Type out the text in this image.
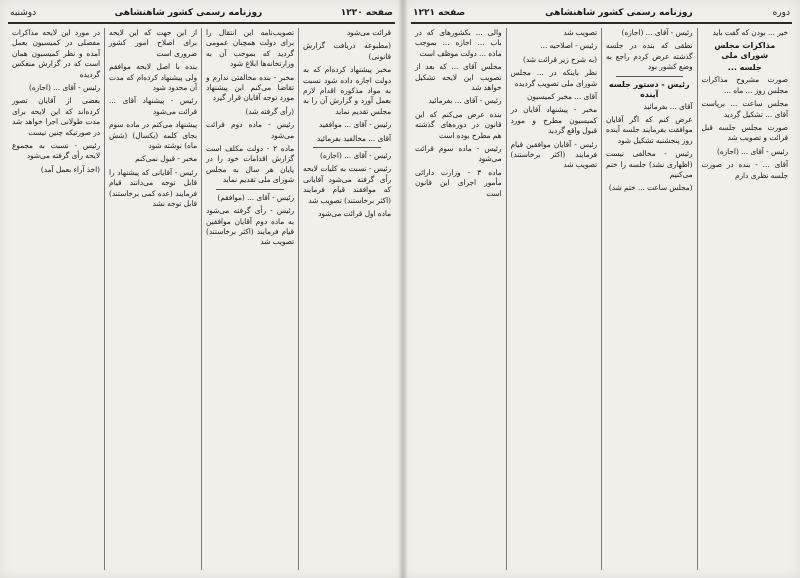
صفحه ۱۲۲۰
روزنامه رسمی کشور شاهنشاهی
دوشنبه

قرائت می‌شود

(مطبوعه دریافت گزارش قانونی)

مخبر پیشنهاد کرده‌ام که به دولت اجازه داده شود نسبت به مواد مذکوره اقدام لازم بعمل آورد و گزارش آن را به مجلس تقدیم نماید

رئیس - آقای ... موافقید

آقای ... مخالفید بفرمائید

رئیس - آقای ... (اجازه)

رئیس - نسبت به کلیات لایحه رأی گرفته می‌شود آقایانی که موافقند قیام فرمایند (اکثر برخاستند) تصویب شد

ماده اول قرائت می‌شود

تصویب‌نامه این انتقال را برای دولت همچنان عمومی گردید که بموجب آن به وزارتخانه‌ها ابلاغ شود

مخبر - بنده مخالفتی ندارم و تقاضا می‌کنم این پیشنهاد مورد توجه آقایان قرار گیرد

(رأی گرفته شد)

رئیس - ماده دوم قرائت می‌شود

ماده ۲ - دولت مکلف است گزارش اقدامات خود را در پایان هر سال به مجلس شورای ملی تقدیم نماید

رئیس - آقای ... (موافقم)

رئیس - رأی گرفته می‌شود به ماده دوم آقایان موافقین قیام فرمایند (اکثر برخاستند) تصویب شد

از این جهت که این لایحه برای اصلاح امور کشور ضروری است

بنده با اصل لایحه موافقم ولی پیشنهاد کرده‌ام که مدت آن محدود شود

رئیس - پیشنهاد آقای ... قرائت می‌شود

پیشنهاد می‌کنم در ماده سوم بجای کلمه (یکسال) (شش ماه) نوشته شود

مخبر - قبول نمی‌کنم

رئیس - آقایانی که پیشنهاد را قابل توجه می‌دانند قیام فرمایند (عده کمی برخاستند) قابل توجه نشد

در مورد این لایحه مذاکرات مفصلی در کمیسیون بعمل آمده و نظر کمیسیون همان است که در گزارش منعکس گردیده

رئیس - آقای ... (اجازه)

بعضی از آقایان تصور کرده‌اند که این لایحه برای مدت طولانی اجرا خواهد شد در صورتیکه چنین نیست

رئیس - نسبت به مجموع لایحه رأی گرفته می‌شود

(اخذ آراء بعمل آمد)

دوره
روزنامه رسمی کشور شاهنشاهی
صفحه ۱۲۲۱

خیر ... بودن که گفت باید

مذاکرات مجلس شورای ملی
جلسه ...

صورت مشروح مذاکرات مجلس روز ... ماه ...

مجلس ساعت ... برپاست آقای ... تشکیل گردید

صورت مجلس جلسه قبل قرائت و تصویب شد

رئیس - آقای ... (اجازه)

آقای ... - بنده در صورت جلسه نظری دارم

رئیس - آقای ... (اجازه)

نطقی که بنده در جلسه گذشته عرض کردم راجع به وضع کشور بود

رئیس - دستور جلسه آینده

آقای ... بفرمائید

عرض کنم که اگر آقایان موافقت بفرمایند جلسه آینده روز پنجشنبه تشکیل شود

رئیس - مخالفی نیست (اظهاری نشد) جلسه را ختم می‌کنیم

(مجلس ساعت ... ختم شد)

تصویب شد

رئیس - اصلاحیه ...

(به شرح زیر قرائت شد)

نظر باینکه در ... مجلس شورای ملی تصویب گردیده

آقای ... مخبر کمیسیون

مخبر - پیشنهاد آقایان در کمیسیون مطرح و مورد قبول واقع گردید

رئیس - آقایان موافقین قیام فرمایند (اکثر برخاستند) تصویب شد

والی ... بکشورهای که در باب ... اجازه ... بموجب ماده ... دولت موظف است

مجلس آقای ... که بعد از تصویب این لایحه تشکیل خواهد شد

رئیس - آقای ... بفرمائید

بنده عرض می‌کنم که این قانون در دوره‌های گذشته هم مطرح بوده است

رئیس - ماده سوم قرائت می‌شود

ماده ۳ - وزارت دارائی مأمور اجرای این قانون است
